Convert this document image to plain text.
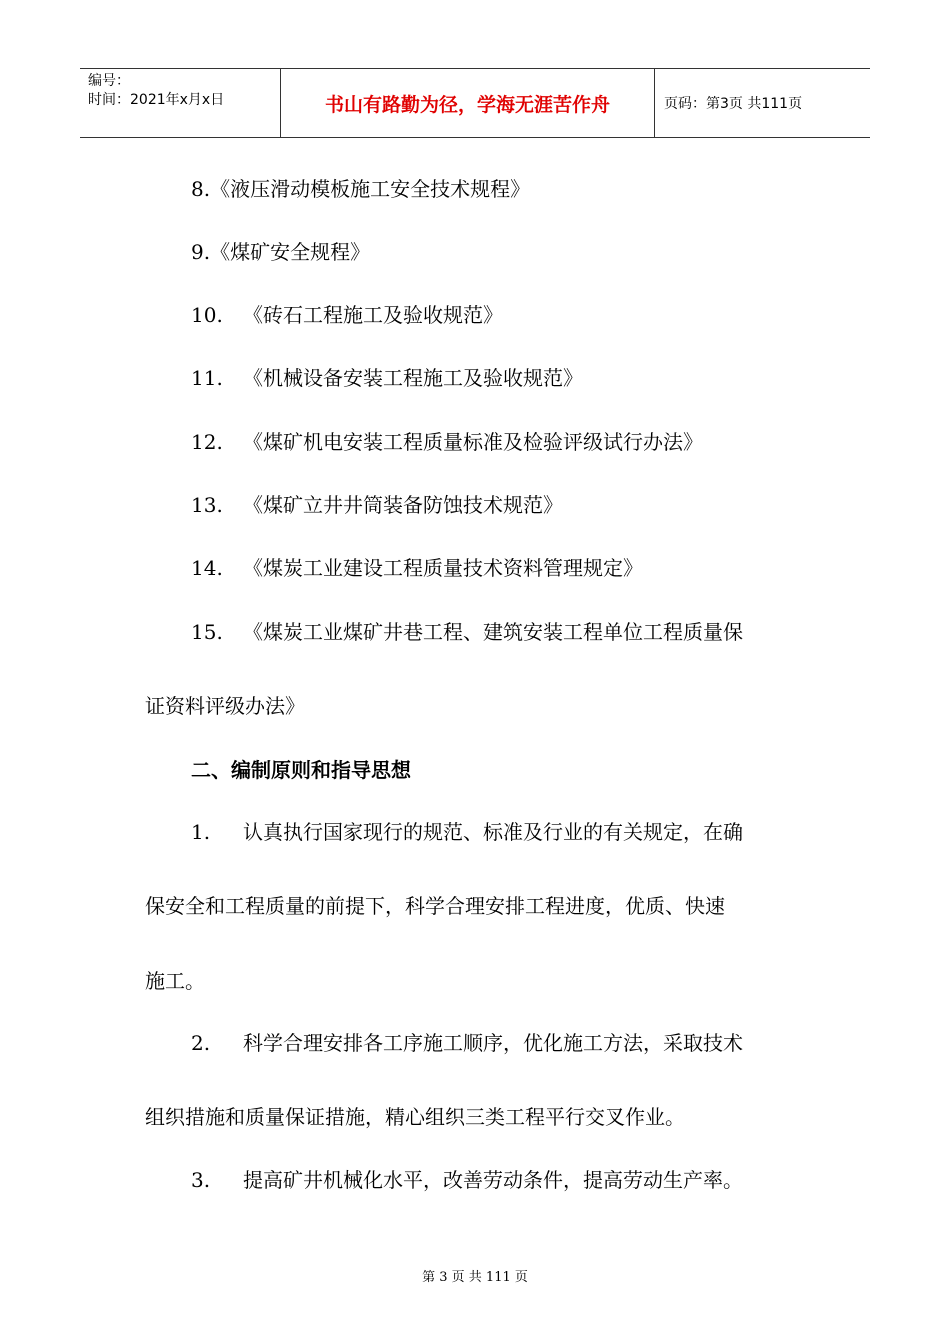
编号：
时间：2021年x月x日	书山有路勤为径，学海无涯苦作舟	页码：第3页 共111页
8.《液压滑动模板施工安全技术规程》
9.《煤矿安全规程》
10. 《砖石工程施工及验收规范》
11. 《机械设备安装工程施工及验收规范》
12. 《煤矿机电安装工程质量标准及检验评级试行办法》
13. 《煤矿立井井筒装备防蚀技术规范》
14. 《煤炭工业建设工程质量技术资料管理规定》
15. 《煤炭工业煤矿井巷工程、建筑安装工程单位工程质量保
证资料评级办法》
二、编制原则和指导思想
1. 认真执行国家现行的规范、标准及行业的有关规定，在确
保安全和工程质量的前提下，科学合理安排工程进度，优质、快速
施工。
2. 科学合理安排各工序施工顺序，优化施工方法，采取技术
组织措施和质量保证措施，精心组织三类工程平行交叉作业。
3. 提高矿井机械化水平，改善劳动条件，提高劳动生产率。
第 3 页 共 111 页
